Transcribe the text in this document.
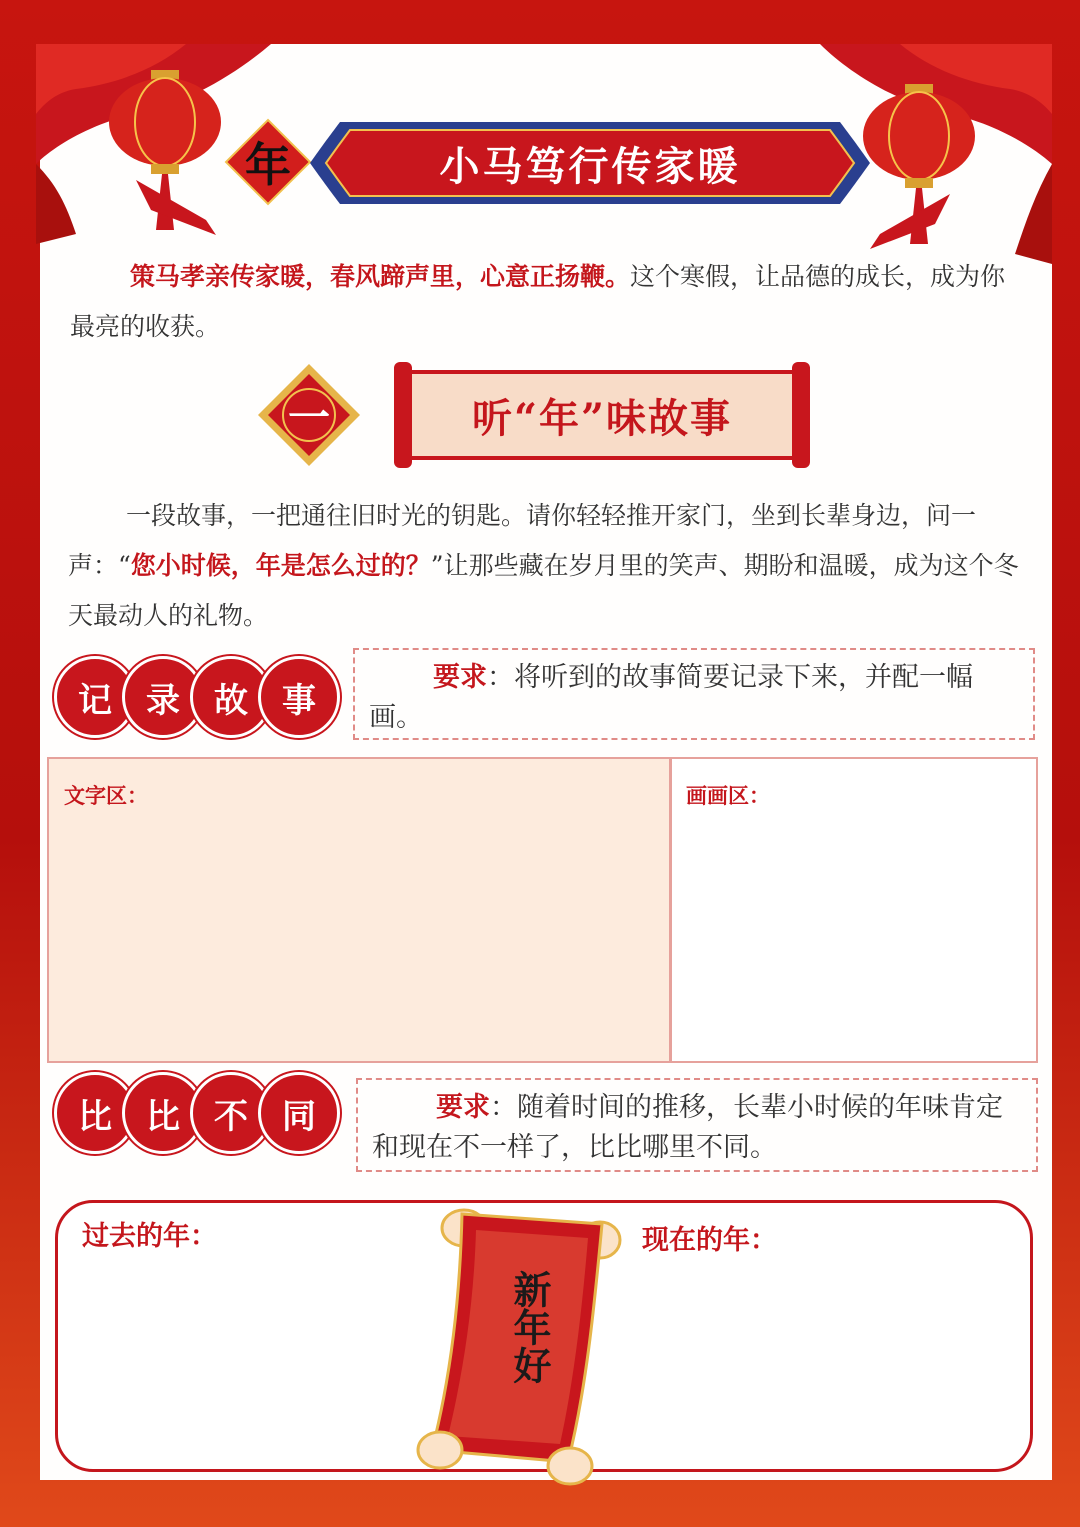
年	小马笃行传家暖
策马孝亲传家暖，春风蹄声里，心意正扬鞭。这个寒假，让品德的成长，成为你最亮的收获。
一	听“年”味故事
一段故事，一把通往旧时光的钥匙。请你轻轻推开家门，坐到长辈身边，问一声：“您小时候，年是怎么过的？”让那些藏在岁月里的笑声、期盼和温暖，成为这个冬天最动人的礼物。
记	录	故	事
要求：将听到的故事简要记录下来，并配一幅画。
文字区：	画画区：
比	比	不	同	要求：随着时间的推移，长辈小时候的年味肯定和现在不一样了，比比哪里不同。
过去的年：	现在的年：
新年好
